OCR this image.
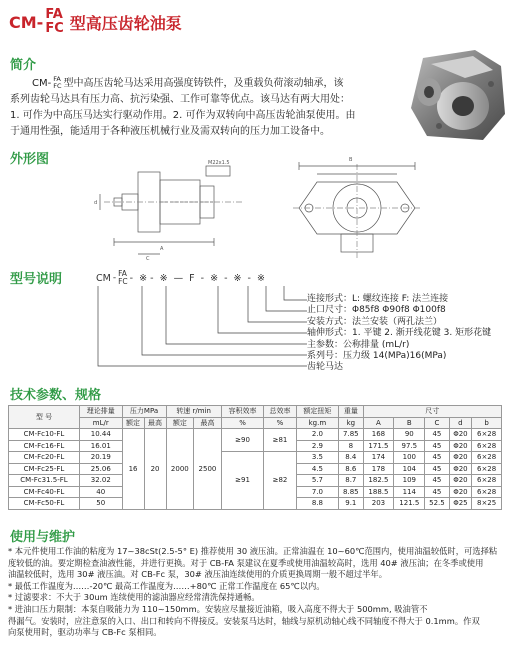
CM- FA
FC 型高压齿轮油泵
简介
CM- FA
FC 型中高压齿轮马达采用高强度铸铁件，及重载负荷滚动轴承，该
系列齿轮马达具有压力高、抗污染强、工作可靠等优点。该马达有两大用处：
1. 可作为中高压马达实行驱动作用。2. 可作为双转向中高压齿轮油泵使用。由
于通用性强，能适用于各种液压机械行业及需双转向的压力加工设备中。
外形图
A
C
d
M22x1.5	B
型号说明	CM - FA
FC -  ※ -  ※  —  F  -  ※  -  ※  -  ※
连接形式：L: 螺纹连接 F: 法兰连接
止口尺寸：Φ85f8 Φ90f8 Φ100f8
安装方式：法兰安装（两孔法兰）
轴伸形式：1. 平键 2. 渐开线花键 3. 矩形花键
主参数：公称排量 (mL/r)
系列号：压力级 14(MPa)16(MPa)
齿轮马达
技术参数、规格
型 号	理论排量	压力MPa		转速 r/min		容积效率	总效率	额定扭矩	重量	尺寸				
	mL/r	额定	最高	额定	最高	%	%	kg.m	kg	A	B	C	d	b
CM-Fc10-FL	10.44	16	20	2000	2500	≥90	≥81	2.0	7.85	168	90	45	Φ20	6×28
CM-Fc16-FL	16.01							2.9	8	171.5	97.5	45	Φ20	6×28
CM-Fc20-FL	20.19					≥91	≥82	3.5	8.4	174	100	45	Φ20	6×28
CM-Fc25-FL	25.06							4.5	8.6	178	104	45	Φ20	6×28
CM-Fc31.5-FL	32.02							5.7	8.7	182.5	109	45	Φ20	6×28
CM-Fc40-FL	40							7.0	8.85	188.5	114	45	Φ20	6×28
CM-Fc50-FL	50							8.8	9.1	203	121.5	52.5	Φ25	8×25
使用与维护
* 本元件使用工作油的粘度为 17~38cSt(2.5-5° E) 推荐使用 30 液压油。正常油温在 10~60℃范围内，使用油温较低时，可选择粘
度较低的油。要定期检查油液性能，并进行更换。对于 CB-FA 泵建议在夏季或使用油温较高时，选用 40# 液压油；在冬季或使用
油温较低时，选用 30# 液压油。对 CB-Fc 泵，30# 液压油连续使用的介质更换周期一般不超过半年。
* 最低工作温度为……-20℃ 最高工作温度为……+80℃ 正常工作温度在 65℃以内。
* 过滤要求：不大于 30um 连续使用的滤油器应经常清洗保持通畅。
* 进油口压力限制：本泵自吸能力为 110~150mm。安装应尽量接近油箱，吸入高度不得大于 500mm, 吸油管不
得漏气。安装时，应注意泵的入口、出口和转向不得接反。安装泵马达时，轴线与原机动轴心线不同轴度不得大于 0.1mm。作双
向泵使用时，驱动功率与 CB-Fc 泵相同。
